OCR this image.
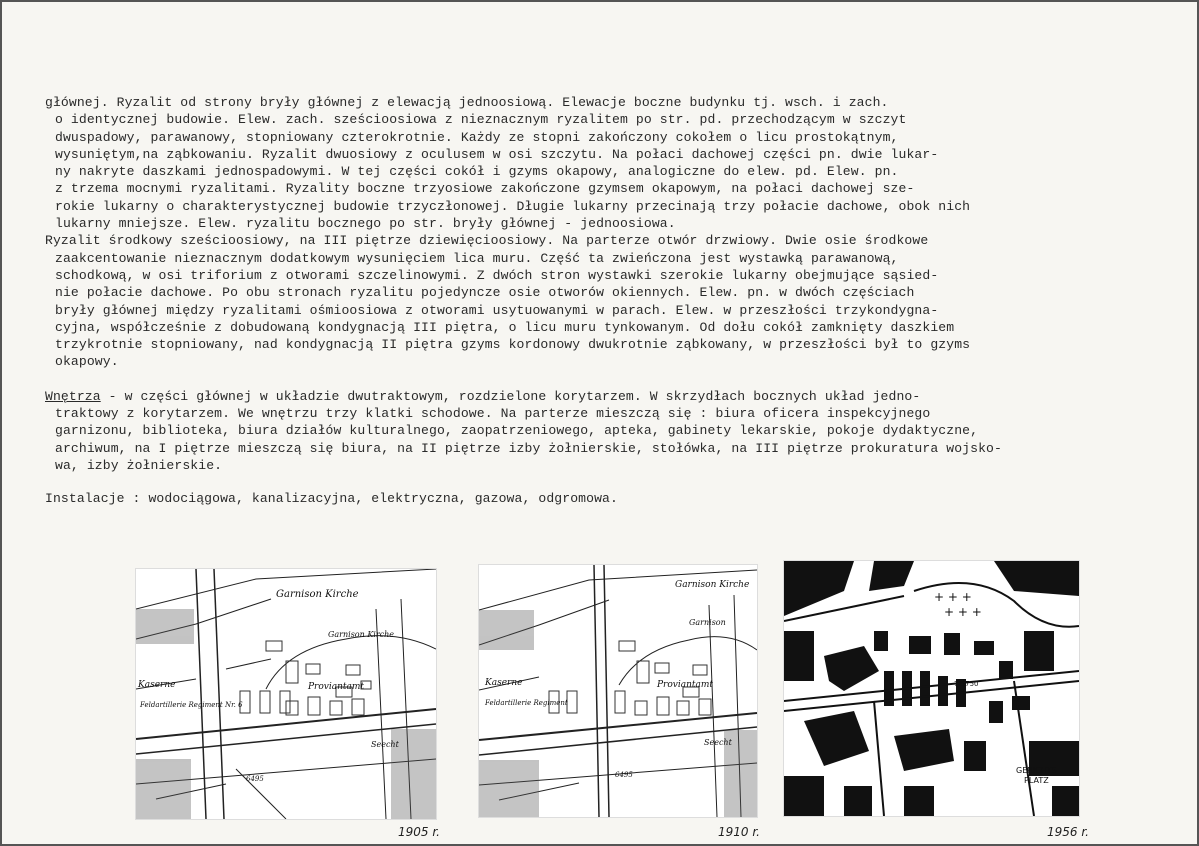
głównej. Ryzalit od strony bryły głównej z elewacją jednoosiową. Elewacje boczne budynku tj. wsch. i zach.
o identycznej budowie. Elew. zach. sześcioosiowa z nieznacznym ryzalitem po str. pd. przechodzącym w szczyt
dwuspadowy, parawanowy, stopniowany czterokrotnie. Każdy ze stopni zakończony cokołem o licu prostokątnym,
wysuniętym,na ząbkowaniu. Ryzalit dwuosiowy z oculusem w osi szczytu. Na połaci dachowej części pn. dwie lukar-
ny nakryte daszkami jednospadowymi. W tej części cokół i gzyms okapowy, analogiczne do elew. pd. Elew. pn.
z trzema mocnymi ryzalitami. Ryzality boczne trzyosiowe zakończone gzymsem okapowym, na połaci dachowej sze-
rokie lukarny o charakterystycznej budowie trzyczłonowej. Długie lukarny przecinają trzy połacie dachowe, obok nich
lukarny mniejsze. Elew. ryzalitu bocznego po str. bryły głównej - jednoosiowa.
Ryzalit środkowy sześcioosiowy, na III piętrze dziewięcioosiowy. Na parterze otwór drzwiowy. Dwie osie środkowe
zaakcentowanie nieznacznym dodatkowym wysunięciem lica muru. Część ta zwieńczona jest wystawką parawanową,
schodkową, w osi triforium z otworami szczelinowymi. Z dwóch stron wystawki szerokie lukarny obejmujące sąsied-
nie połacie dachowe. Po obu stronach ryzalitu pojedyncze osie otworów okiennych. Elew. pn. w dwóch częściach
bryły głównej między ryzalitami ośmioosiowa z otworami usytuowanymi w parach. Elew. w przeszłości trzykondygna-
cyjna, współcześnie z dobudowaną kondygnacją III piętra, o licu muru tynkowanym. Od dołu cokół zamknięty daszkiem
trzykrotnie stopniowany, nad kondygnacją II piętra gzyms kordonowy dwukrotnie ząbkowany, w przeszłości był to gzyms
okapowy.
Wnętrza - w części głównej w układzie dwutraktowym, rozdzielone korytarzem. W skrzydłach bocznych układ jedno-
traktowy z korytarzem. We wnętrzu trzy klatki schodowe. Na parterze mieszczą się : biura oficera inspekcyjnego
garnizonu, biblioteka, biura działów kulturalnego, zaopatrzeniowego, apteka, gabinety lekarskie, pokoje dydaktyczne,
archiwum, na I piętrze mieszczą się biura, na II piętrze izby żołnierskie, stołówka, na III piętrze prokuratura wojsko-
wa, izby żołnierskie.
Instalacje : wodociągowa, kanalizacyjna, elektryczna, gazowa, odgromowa.
Garnison Kirche
Garnison Kirche
Proviantamt
Kaserne
Feldartillerie Regiment Nr. 6
Seecht
6495
1905 r.
Garnison Kirche
Garnison
Proviantamt
Kaserne
Feldartillerie Regiment
Seecht
6495
1910 r.
+ + +
+ + +
GERICHTS
PLATZ
72.750
1956 r.
